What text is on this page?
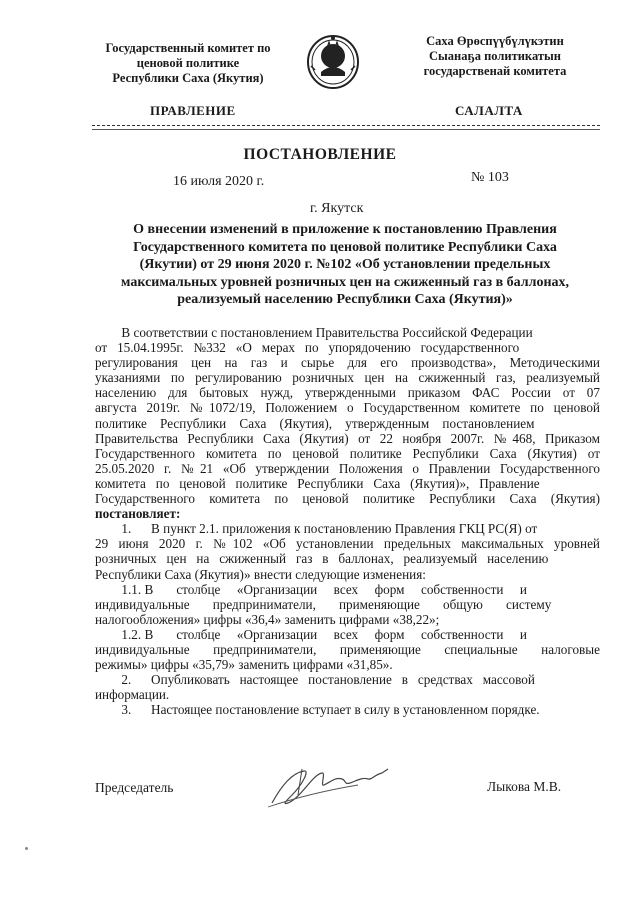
Государственный комитет по
ценовой политике
Республики Саха (Якутия)
Саха Өрөспүүбүлүкэтин
Сыанаҕа политикатын
государственай комитета
ПРАВЛЕНИЕ	САЛАЛТА
ПОСТАНОВЛЕНИЕ
16 июля 2020 г.	№ 103
г. Якутск
О внесении изменений в приложение к постановлению Правления
Государственного комитета по ценовой политике Республики Саха
(Якутии) от 29 июня 2020 г. №102 «Об установлении предельных
максимальных уровней розничных цен на сжиженный газ в баллонах,
реализуемый населению Республики Саха (Якутия)»
В соответствии с постановлением Правительства Российской Федерации
от   15.04.1995г.   №332   «О   мерах   по   упорядочению   государственного
регулирования цен на газ и сырье для его производства», Методическими
указаниями по регулированию розничных цен на сжиженный газ, реализуемый
населению для бытовых нужд, утвержденными приказом ФАС России от 07
августа 2019г. №1072/19, Положением о Государственном комитете по ценовой
политике    Республики    Саха    (Якутия),    утвержденным    постановлением
Правительства Республики Саха (Якутия) от 22 ноября 2007г. №468, Приказом
Государственного комитета по ценовой политике Республики Саха (Якутия) от
25.05.2020 г. №21 «Об утверждении Положения о Правлении Государственного
комитета   по   ценовой   политике   Республики   Саха   (Якутия)»,   Правление
Государственного комитета по ценовой политике Республики Саха (Якутия)
постановляет:
1.      В пункт 2.1. приложения к постановлению Правления ГКЦ РС(Я) от
29 июня 2020 г. №102 «Об установлении предельных максимальных уровней
розничных   цен   на   сжиженный   газ   в   баллонах,   реализуемый   населению
Республики Саха (Якутия)» внести следующие изменения:
1.1. В       столбце     «Организации     всех     форм     собственности     и
индивидуальные       предприниматели,       применяющие       общую       систему
налогообложения» цифры «36,4» заменить цифрами «38,22»;
1.2. В       столбце     «Организации     всех     форм     собственности     и
индивидуальные предприниматели, применяющие специальные налоговые
режимы» цифры «35,79» заменить цифрами «31,85».
2.      Опубликовать   настоящее   постановление   в   средствах   массовой
информации.
3.      Настоящее постановление вступает в силу в установленном порядке.
Председатель	Лыкова М.В.
